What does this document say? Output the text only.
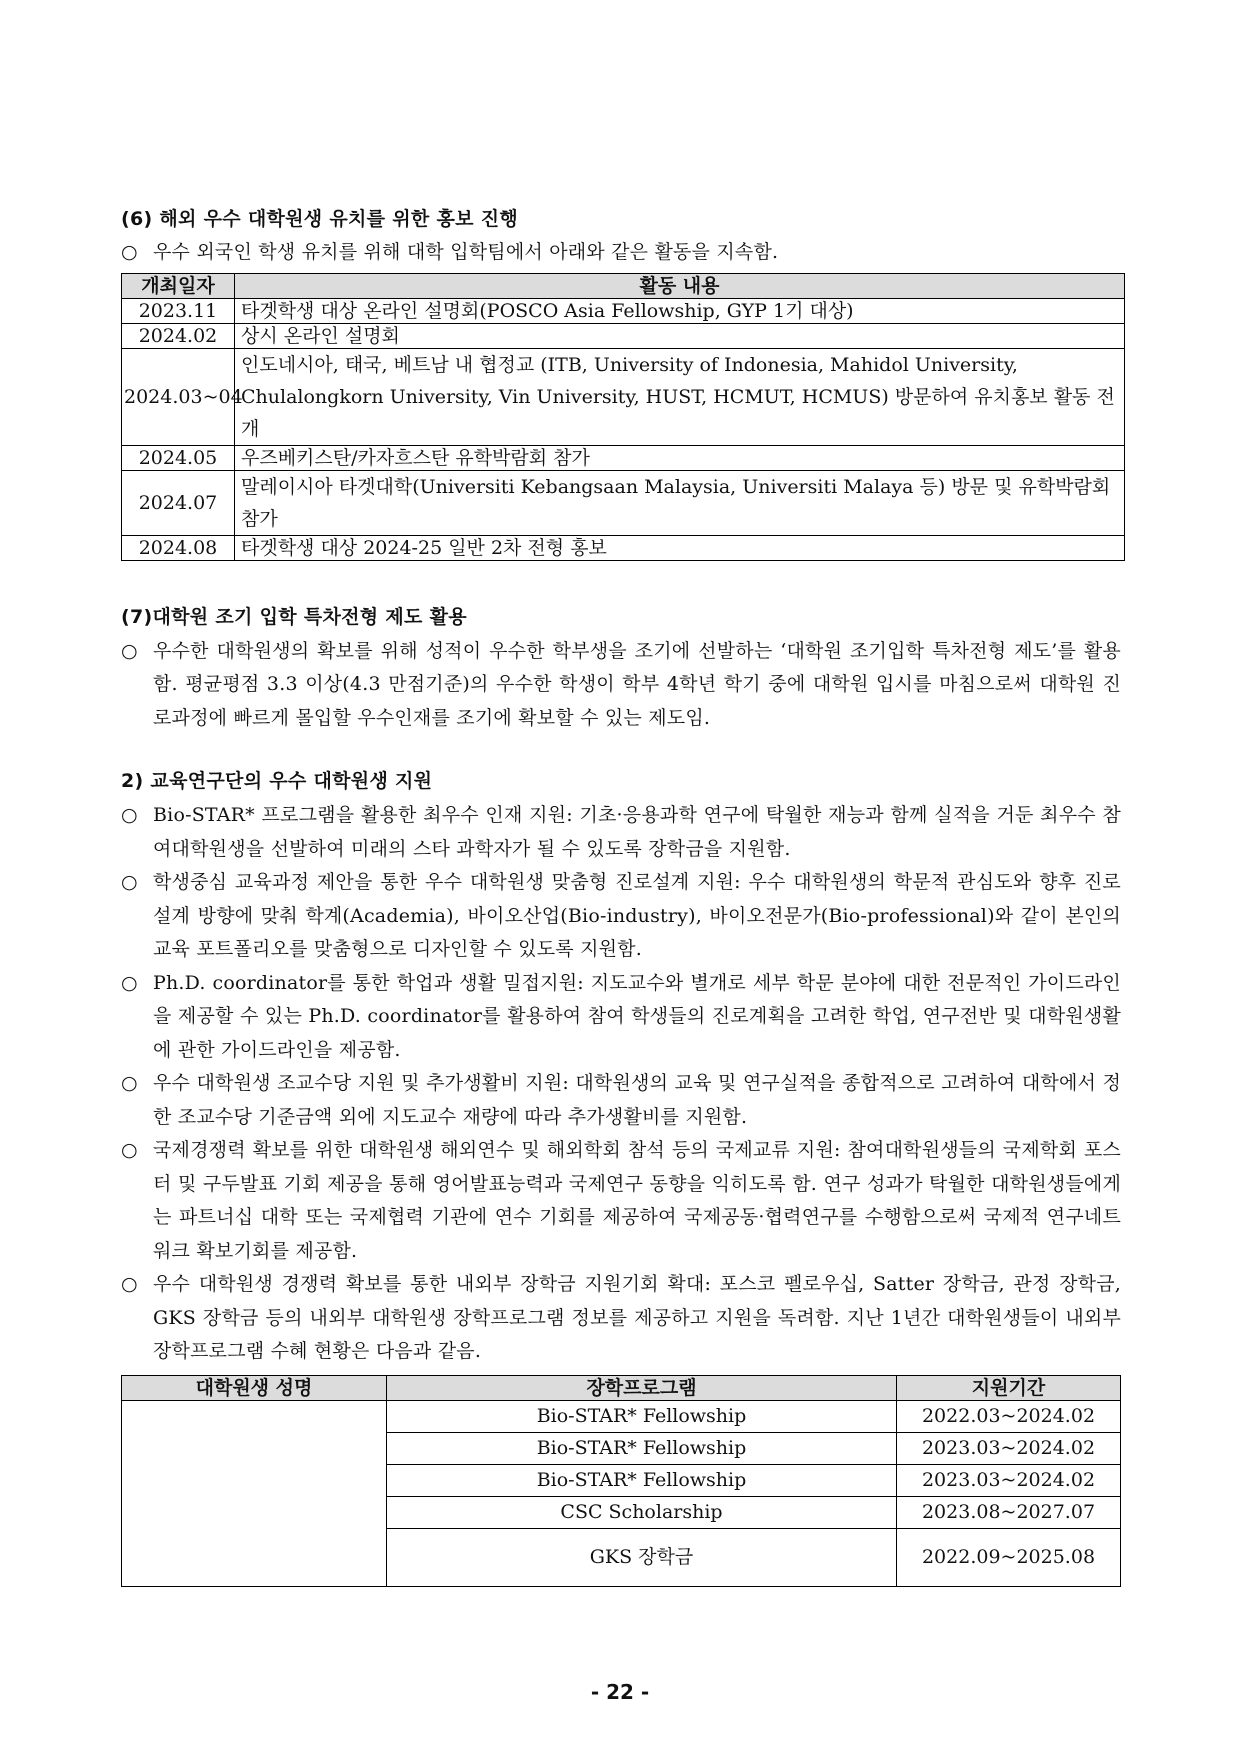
(6) 해외 우수 대학원생 유치를 위한 홍보 진행

○ 우수 외국인 학생 유치를 위해 대학 입학팀에서 아래와 같은 활동을 지속함.

개최일자	활동 내용
2023.11	타겟학생 대상 온라인 설명회(POSCO Asia Fellowship, GYP 1기 대상)
2024.02	상시 온라인 설명회
2024.03~04	인도네시아, 태국, 베트남 내 협정교 (ITB, University of Indonesia, Mahidol University, Chulalongkorn University, Vin University, HUST, HCMUT, HCMUS) 방문하여 유치홍보 활동 전개
2024.05	우즈베키스탄/카자흐스탄 유학박람회 참가
2024.07	말레이시아 타겟대학(Universiti Kebangsaan Malaysia, Universiti Malaya 등) 방문 및 유학박람회 참가
2024.08	타겟학생 대상 2024-25 일반 2차 전형 홍보

(7)대학원 조기 입학 특차전형 제도 활용

○ 우수한 대학원생의 확보를 위해 성적이 우수한 학부생을 조기에 선발하는 ‘대학원 조기입학 특차전형 제도’를 활용함. 평균평점 3.3 이상(4.3 만점기준)의 우수한 학생이 학부 4학년 학기 중에 대학원 입시를 마침으로써 대학원 진로과정에 빠르게 몰입할 우수인재를 조기에 확보할 수 있는 제도임.

2) 교육연구단의 우수 대학원생 지원

○ Bio-STAR* 프로그램을 활용한 최우수 인재 지원: 기초·응용과학 연구에 탁월한 재능과 함께 실적을 거둔 최우수 참여대학원생을 선발하여 미래의 스타 과학자가 될 수 있도록 장학금을 지원함.

○ 학생중심 교육과정 제안을 통한 우수 대학원생 맞춤형 진로설계 지원: 우수 대학원생의 학문적 관심도와 향후 진로 설계 방향에 맞춰 학계(Academia), 바이오산업(Bio-industry), 바이오전문가(Bio-professional)와 같이 본인의 교육 포트폴리오를 맞춤형으로 디자인할 수 있도록 지원함.

○ Ph.D. coordinator를 통한 학업과 생활 밀접지원: 지도교수와 별개로 세부 학문 분야에 대한 전문적인 가이드라인을 제공할 수 있는 Ph.D. coordinator를 활용하여 참여 학생들의 진로계획을 고려한 학업, 연구전반 및 대학원생활에 관한 가이드라인을 제공함.

○ 우수 대학원생 조교수당 지원 및 추가생활비 지원: 대학원생의 교육 및 연구실적을 종합적으로 고려하여 대학에서 정한 조교수당 기준금액 외에 지도교수 재량에 따라 추가생활비를 지원함.

○ 국제경쟁력 확보를 위한 대학원생 해외연수 및 해외학회 참석 등의 국제교류 지원: 참여대학원생들의 국제학회 포스터 및 구두발표 기회 제공을 통해 영어발표능력과 국제연구 동향을 익히도록 함. 연구 성과가 탁월한 대학원생들에게는 파트너십 대학 또는 국제협력 기관에 연수 기회를 제공하여 국제공동·협력연구를 수행함으로써 국제적 연구네트워크 확보기회를 제공함.

○ 우수 대학원생 경쟁력 확보를 통한 내외부 장학금 지원기회 확대: 포스코 펠로우십, Satter 장학금, 관정 장학금, GKS 장학금 등의 내외부 대학원생 장학프로그램 정보를 제공하고 지원을 독려함. 지난 1년간 대학원생들이 내외부 장학프로그램 수혜 현황은 다음과 같음.

대학원생 성명	장학프로그램	지원기간
	Bio-STAR* Fellowship	2022.03~2024.02
	Bio-STAR* Fellowship	2023.03~2024.02
	Bio-STAR* Fellowship	2023.03~2024.02
	CSC Scholarship	2023.08~2027.07
	GKS 장학금	2022.09~2025.08
- 22 -
